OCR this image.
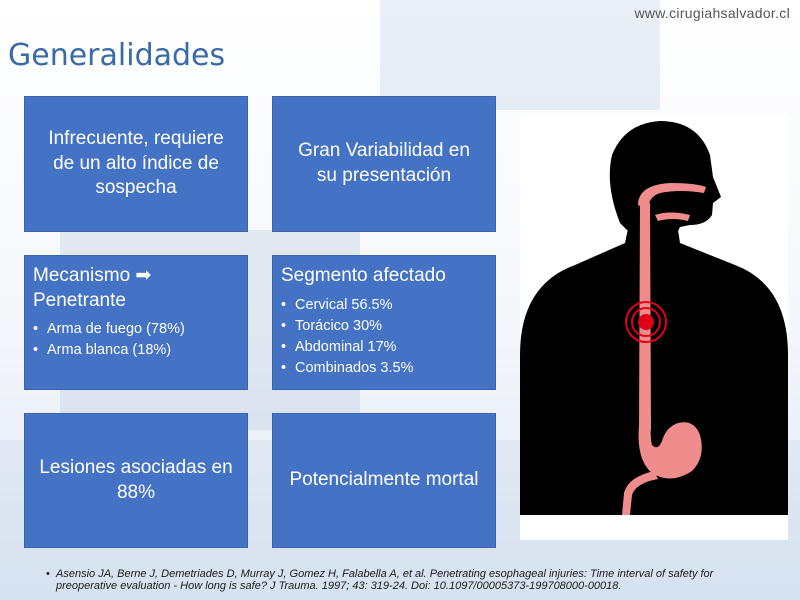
www.cirugiahsalvador.cl
Generalidades
Infrecuente, requiere de un alto índice de sospecha
Gran Variabilidad en su presentación
Mecanismo ➡ Penetrante
• Arma de fuego (78%)
• Arma blanca (18%)
Segmento afectado
• Cervical 56.5%
• Torácico 30%
• Abdominal 17%
• Combinados 3.5%
Lesiones asociadas en 88%
Potencialmente mortal
• Asensio JA, Berne J, Demetriades D, Murray J, Gomez H, Falabella A, et al. Penetrating esophageal injuries: Time interval of safety for preoperative evaluation - How long is safe? J Trauma. 1997; 43: 319-24. Doi: 10.1097/00005373-199708000-00018.
